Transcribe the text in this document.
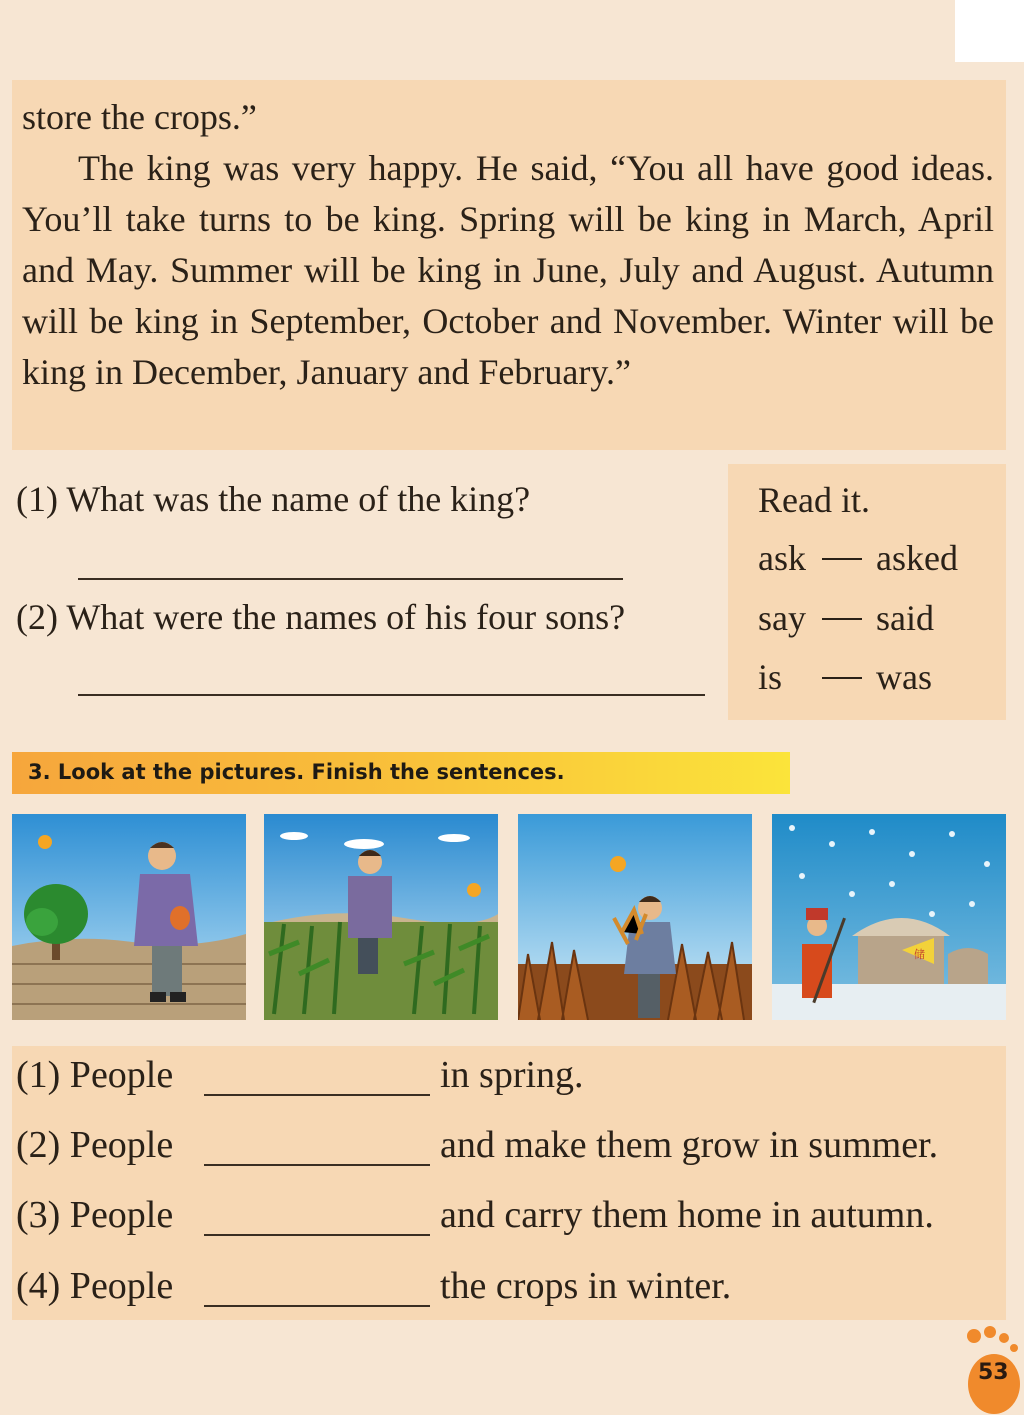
store the crops.”

The king was very happy. He said, “You all have good ideas. You’ll take turns to be king. Spring will be king in March, April and May. Summer will be king in June, July and August. Autumn will be king in September, October and November. Winter will be king in December, January and February.”

(1) What was the name of the king?
(2) What were the names of his four sons?
Read it.
ask asked
say said
is	was
3. Look at the pictures. Finish the sentences.
储
(1) People	in spring.
(2) People	and make them grow in summer.
(3) People	and carry them home in autumn.
(4) People	the crops in winter.
53
